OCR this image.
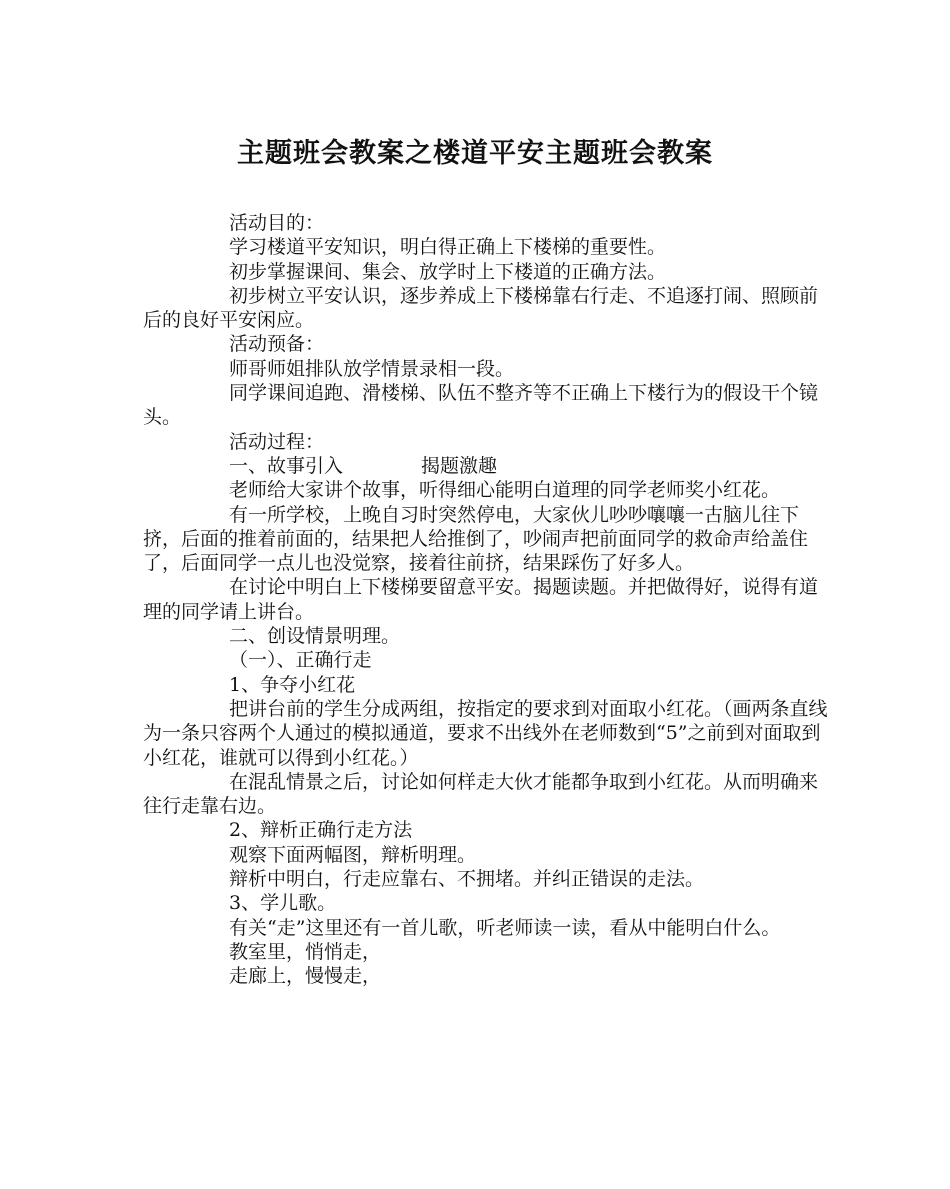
主题班会教案之楼道平安主题班会教案

活动目的：

学习楼道平安知识，明白得正确上下楼梯的重要性。

初步掌握课间、集会、放学时上下楼道的正确方法。

初步树立平安认识，逐步养成上下楼梯靠右行走、不追逐打闹、照顾前后的良好平安闲应。

活动预备：

师哥师姐排队放学情景录相一段。

同学课间追跑、滑楼梯、队伍不整齐等不正确上下楼行为的假设干个镜头。

活动过程：

一、故事引入	揭题激趣

老师给大家讲个故事，听得细心能明白道理的同学老师奖小红花。

有一所学校，上晚自习时突然停电，大家伙儿吵吵嚷嚷一古脑儿往下挤，后面的推着前面的，结果把人给推倒了，吵闹声把前面同学的救命声给盖住了，后面同学一点儿也没觉察，接着往前挤，结果踩伤了好多人。

在讨论中明白上下楼梯要留意平安。揭题读题。并把做得好，说得有道理的同学请上讲台。

二、创设情景明理。

（一）、正确行走

1、争夺小红花

把讲台前的学生分成两组，按指定的要求到对面取小红花。（画两条直线为一条只容两个人通过的模拟通道，要求不出线外在老师数到“5”之前到对面取到小红花，谁就可以得到小红花。）

在混乱情景之后，讨论如何样走大伙才能都争取到小红花。从而明确来往行走靠右边。

2、辩析正确行走方法

观察下面两幅图，辩析明理。

辩析中明白，行走应靠右、不拥堵。并纠正错误的走法。

3、学儿歌。

有关“走”这里还有一首儿歌，听老师读一读，看从中能明白什么。

教室里，悄悄走，

走廊上，慢慢走，
